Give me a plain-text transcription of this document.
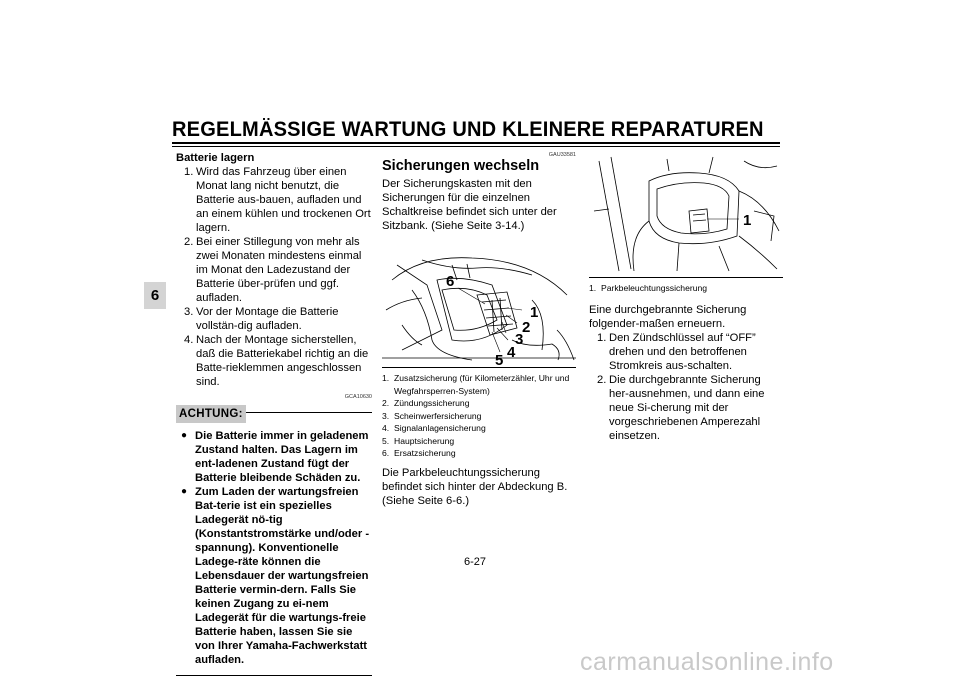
REGELMÄSSIGE WARTUNG UND KLEINERE REPARATUREN
6
Batterie lagern
1. Wird das Fahrzeug über einen Monat lang nicht benutzt, die Batterie aus-bauen, aufladen und an einem kühlen und trockenen Ort lagern.
2. Bei einer Stillegung von mehr als zwei Monaten mindestens einmal im Monat den Ladezustand der Batterie über-prüfen und ggf. aufladen.
3. Vor der Montage die Batterie vollstän-dig aufladen.
4. Nach der Montage sicherstellen, daß die Batteriekabel richtig an die Batte-rieklemmen angeschlossen sind.
GCA10630
ACHTUNG:
● Die Batterie immer in geladenem Zustand halten. Das Lagern im ent-ladenen Zustand fügt der Batterie bleibende Schäden zu.
● Zum Laden der wartungsfreien Bat-terie ist ein spezielles Ladegerät nö-tig (Konstantstromstärke und/oder -spannung). Konventionelle Ladege-räte können die Lebensdauer der wartungsfreien Batterie vermin-dern. Falls Sie keinen Zugang zu ei-nem Ladegerät für die wartungs-freie Batterie haben, lassen Sie sie von Ihrer Yamaha-Fachwerkstatt aufladen.
GAU33581
Sicherungen wechseln

Der Sicherungskasten mit den Sicherungen für die einzelnen Schaltkreise befindet sich unter der Sitzbank. (Siehe Seite 3-14.)

6
1
2
3
4
5
1. Zusatzsicherung (für Kilometerzähler, Uhr und Wegfahrsperren-System)
2. Zündungssicherung
3. Scheinwerfersicherung
4. Signalanlagensicherung
5. Hauptsicherung
6. Ersatzsicherung

Die Parkbeleuchtungssicherung befindet sich hinter der Abdeckung B. (Siehe Seite 6-6.)

1
1. Parkbeleuchtungssicherung

Eine durchgebrannte Sicherung folgender-maßen erneuern.

1. Den Zündschlüssel auf “OFF” drehen und den betroffenen Stromkreis aus-schalten.
2. Die durchgebrannte Sicherung her-ausnehmen, und dann eine neue Si-cherung mit der vorgeschriebenen Amperezahl einsetzen.
6-27
carmanualsonline.info
